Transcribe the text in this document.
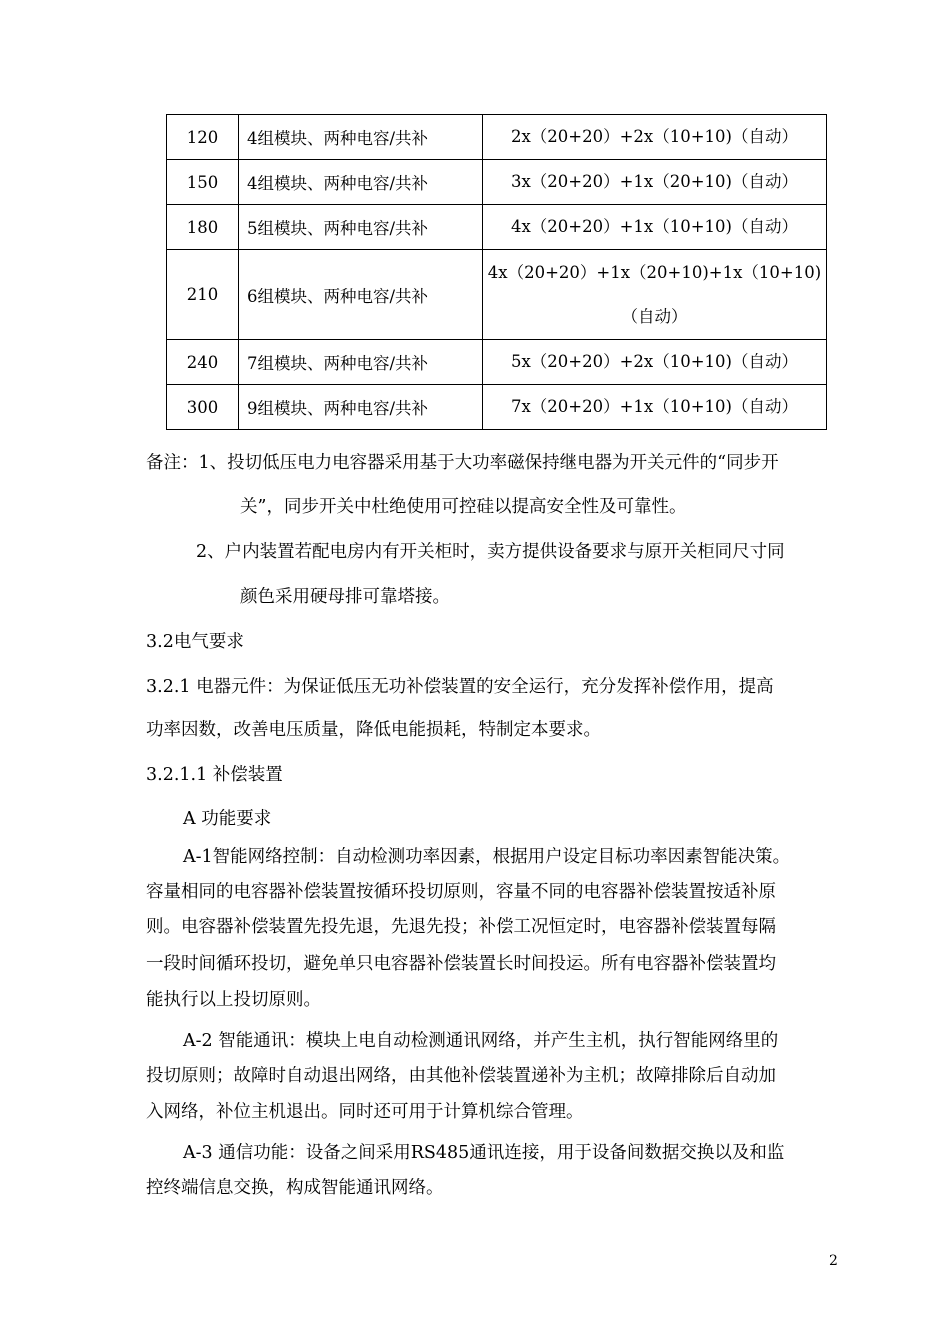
120	4组模块、两种电容/共补	2x（20+20）+2x（10+10)（自动）
150	4组模块、两种电容/共补	3x（20+20）+1x（20+10)（自动）
180	5组模块、两种电容/共补	4x（20+20）+1x（10+10)（自动）
210	6组模块、两种电容/共补	4x（20+20）+1x（20+10)+1x（10+10)
（自动）

240	7组模块、两种电容/共补	5x（20+20）+2x（10+10)（自动）
300	9组模块、两种电容/共补	7x（20+20）+1x（10+10)（自动）
备注：1、投切低压电力电容器采用基于大功率磁保持继电器为开关元件的“同步开
关”，同步开关中杜绝使用可控硅以提高安全性及可靠性。
2、户内装置若配电房内有开关柜时，卖方提供设备要求与原开关柜同尺寸同
颜色采用硬母排可靠塔接。
3.2电气要求
3.2.1 电器元件：为保证低压无功补偿装置的安全运行，充分发挥补偿作用，提高
功率因数，改善电压质量，降低电能损耗，特制定本要求。
3.2.1.1 补偿装置
A 功能要求
A-1智能网络控制：自动检测功率因素，根据用户设定目标功率因素智能决策。
容量相同的电容器补偿装置按循环投切原则，容量不同的电容器补偿装置按适补原
则。电容器补偿装置先投先退，先退先投；补偿工况恒定时，电容器补偿装置每隔
一段时间循环投切，避免单只电容器补偿装置长时间投运。所有电容器补偿装置均
能执行以上投切原则。
A-2 智能通讯：模块上电自动检测通讯网络，并产生主机，执行智能网络里的
投切原则；故障时自动退出网络，由其他补偿装置递补为主机；故障排除后自动加
入网络，补位主机退出。同时还可用于计算机综合管理。
A-3 通信功能：设备之间采用RS485通讯连接，用于设备间数据交换以及和监
控终端信息交换，构成智能通讯网络。
2
